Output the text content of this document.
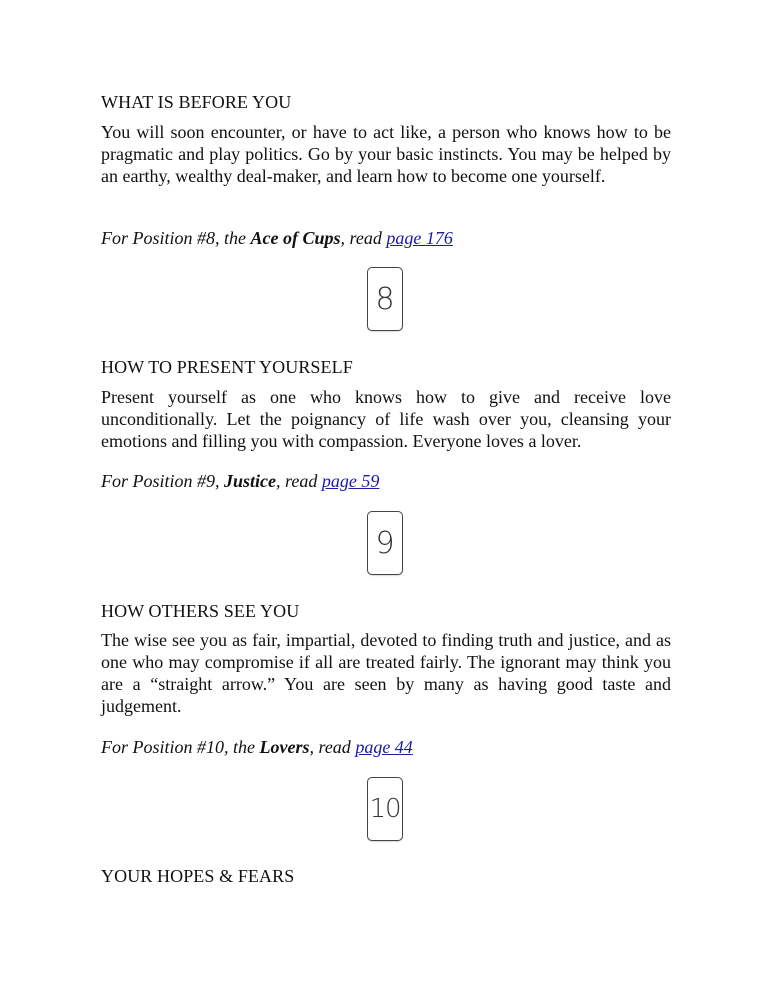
WHAT IS BEFORE YOU
You will soon encounter, or have to act like, a person who knows how to be pragmatic and play politics. Go by your basic instincts. You may be helped by an earthy, wealthy deal-maker, and learn how to become one yourself.
For Position #8, the Ace of Cups, read page 176
8
HOW TO PRESENT YOURSELF
Present yourself as one who knows how to give and receive love unconditionally. Let the poignancy of life wash over you, cleansing your emotions and filling you with compassion. Everyone loves a lover.
For Position #9, Justice, read page 59
9
HOW OTHERS SEE YOU
The wise see you as fair, impartial, devoted to finding truth and justice, and as one who may compromise if all are treated fairly. The ignorant may think you are a “straight arrow.” You are seen by many as having good taste and judgement.
For Position #10, the Lovers, read page 44
10
YOUR HOPES & FEARS
